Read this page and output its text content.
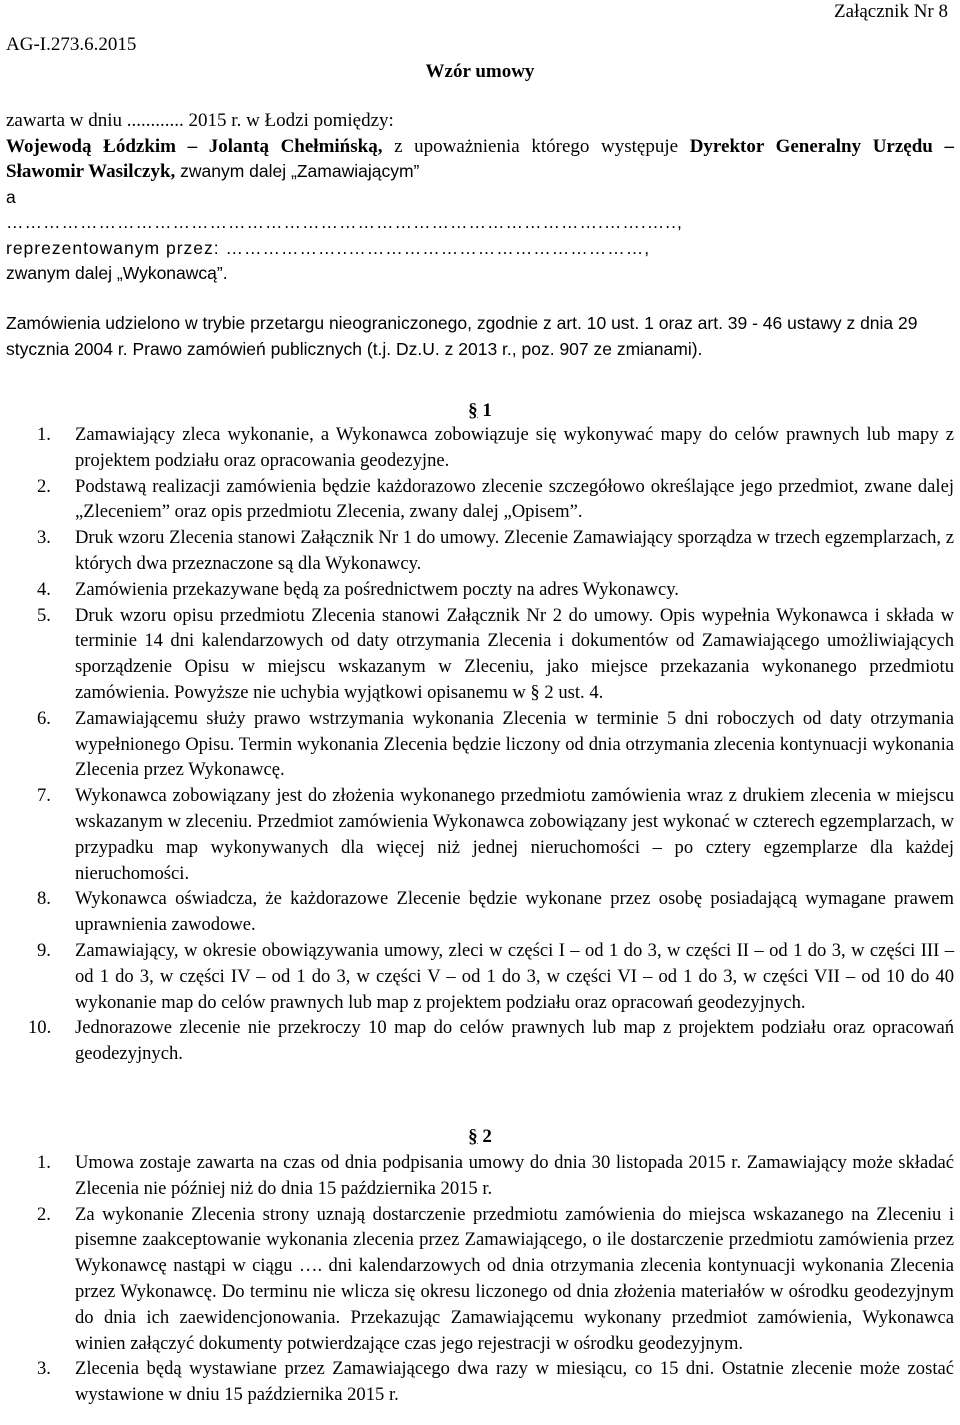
Załącznik Nr 8
AG-I.273.6.2015
Wzór umowy

zawarta w dniu ............ 2015 r. w Łodzi pomiędzy:

Wojewodą Łódzkim – Jolantą Chełmińską, z upoważnienia którego występuje Dyrektor Generalny Urzędu – Sławomir Wasilczyk, zwanym dalej „Zamawiającym”

a

…………………………………………………………………………………….…….…..,

reprezentowanym przez: ………………..…………………………………………,

zwanym dalej „Wykonawcą”.

Zamówienia udzielono w trybie przetargu nieograniczonego, zgodnie z art. 10 ust. 1 oraz art. 39 - 46 ustawy z dnia 29 stycznia 2004 r. Prawo zamówień publicznych (t.j. Dz.U. z 2013 r., poz. 907 ze zmianami).

§ 1
1. Zamawiający zleca wykonanie, a Wykonawca zobowiązuje się wykonywać mapy do celów prawnych lub mapy z projektem podziału oraz opracowania geodezyjne.
2. Podstawą realizacji zamówienia będzie każdorazowo zlecenie szczegółowo określające jego przedmiot, zwane dalej „Zleceniem” oraz opis przedmiotu Zlecenia, zwany dalej „Opisem”.
3. Druk wzoru Zlecenia stanowi Załącznik Nr 1 do umowy. Zlecenie Zamawiający sporządza w trzech egzemplarzach, z których dwa przeznaczone są dla Wykonawcy.
4. Zamówienia przekazywane będą za pośrednictwem poczty na adres Wykonawcy.
5. Druk wzoru opisu przedmiotu Zlecenia stanowi Załącznik Nr 2 do umowy. Opis wypełnia Wykonawca i składa w terminie 14 dni kalendarzowych od daty otrzymania Zlecenia i dokumentów od Zamawiającego umożliwiających sporządzenie Opisu w miejscu wskazanym w Zleceniu, jako miejsce przekazania wykonanego przedmiotu zamówienia. Powyższe nie uchybia wyjątkowi opisanemu w § 2 ust. 4.
6. Zamawiającemu służy prawo wstrzymania wykonania Zlecenia w terminie 5 dni roboczych od daty otrzymania wypełnionego Opisu. Termin wykonania Zlecenia będzie liczony od dnia otrzymania zlecenia kontynuacji wykonania Zlecenia przez Wykonawcę.
7. Wykonawca zobowiązany jest do złożenia wykonanego przedmiotu zamówienia wraz z drukiem zlecenia w miejscu wskazanym w zleceniu. Przedmiot zamówienia Wykonawca zobowiązany jest wykonać w czterech egzemplarzach, w przypadku map wykonywanych dla więcej niż jednej nieruchomości – po cztery egzemplarze dla każdej nieruchomości.
8. Wykonawca oświadcza, że każdorazowe Zlecenie będzie wykonane przez osobę posiadającą wymagane prawem uprawnienia zawodowe.
9. Zamawiający, w okresie obowiązywania umowy, zleci w części I – od 1 do 3, w części II – od 1 do 3, w części III – od 1 do 3, w części IV – od 1 do 3, w części V – od 1 do 3, w części VI – od 1 do 3, w części VII – od 10 do 40 wykonanie map do celów prawnych lub map z projektem podziału oraz opracowań geodezyjnych.
10. Jednorazowe zlecenie nie przekroczy 10 map do celów prawnych lub map z projektem podziału oraz opracowań geodezyjnych.
§ 2
1. Umowa zostaje zawarta na czas od dnia podpisania umowy do dnia 30 listopada 2015 r. Zamawiający może składać Zlecenia nie później niż do dnia 15 października 2015 r.
2. Za wykonanie Zlecenia strony uznają dostarczenie przedmiotu zamówienia do miejsca wskazanego na Zleceniu i pisemne zaakceptowanie wykonania zlecenia przez Zamawiającego, o ile dostarczenie przedmiotu zamówienia przez Wykonawcę nastąpi w ciągu …. dni kalendarzowych od dnia otrzymania zlecenia kontynuacji wykonania Zlecenia przez Wykonawcę. Do terminu nie wlicza się okresu liczonego od dnia złożenia materiałów w ośrodku geodezyjnym do dnia ich zaewidencjonowania. Przekazując Zamawiającemu wykonany przedmiot zamówienia, Wykonawca winien załączyć dokumenty potwierdzające czas jego rejestracji w ośrodku geodezyjnym.
3. Zlecenia będą wystawiane przez Zamawiającego dwa razy w miesiącu, co 15 dni. Ostatnie zlecenie może zostać wystawione w dniu 15 października 2015 r.
